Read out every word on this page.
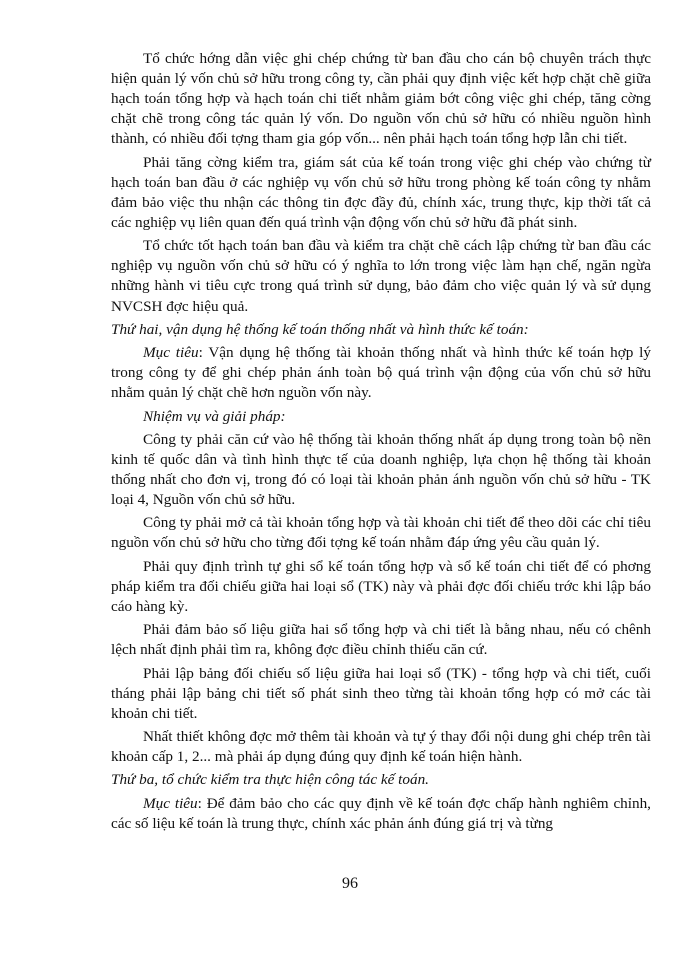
Tổ chức hớng dẫn việc ghi chép chứng từ ban đầu cho cán bộ chuyên trách thực hiện quản lý vốn chủ sở hữu trong công ty, cần phải quy định việc kết hợp chặt chẽ giữa hạch toán tổng hợp và hạch toán chi tiết nhằm giảm bớt công việc ghi chép, tăng cờng chặt chẽ trong công tác quản lý vốn. Do nguồn vốn chủ sở hữu có nhiều nguồn hình thành, có nhiều đối tợng tham gia góp vốn... nên phải hạch toán tổng hợp lẫn chi tiết.

Phải tăng cờng kiểm tra, giám sát của kế toán trong việc ghi chép vào chứng từ hạch toán ban đầu ở các nghiệp vụ vốn chủ sở hữu trong phòng kế toán công ty nhằm đảm bảo việc thu nhận các thông tin đợc đầy đủ, chính xác, trung thực, kịp thời tất cả các nghiệp vụ liên quan đến quá trình vận động vốn chủ sở hữu đã phát sinh.

Tổ chức tốt hạch toán ban đầu và kiểm tra chặt chẽ cách lập chứng từ ban đầu các nghiệp vụ nguồn vốn chủ sở hữu có ý nghĩa to lớn trong việc làm hạn chế, ngăn ngừa những hành vi tiêu cực trong quá trình sử dụng, bảo đảm cho việc quản lý và sử dụng NVCSH đợc hiệu quả.

Thứ hai, vận dụng hệ thống kế toán thống nhất và hình thức kế toán:

Mục tiêu: Vận dụng hệ thống tài khoản thống nhất và hình thức kế toán hợp lý trong công ty để ghi chép phản ánh toàn bộ quá trình vận động của vốn chủ sở hữu nhằm quản lý chặt chẽ hơn nguồn vốn này.

Nhiệm vụ và giải pháp:

Công ty phải căn cứ vào hệ thống tài khoản thống nhất áp dụng trong toàn bộ nền kinh tế quốc dân và tình hình thực tế của doanh nghiệp, lựa chọn hệ thống tài khoản thống nhất cho đơn vị, trong đó có loại tài khoản phản ánh nguồn vốn chủ sở hữu - TK loại 4, Nguồn vốn chủ sở hữu.

Công ty phải mở cả tài khoản tổng hợp và tài khoản chi tiết để theo dõi các chỉ tiêu nguồn vốn chủ sở hữu cho từng đối tợng kế toán nhằm đáp ứng yêu cầu quản lý.

Phải quy định trình tự ghi sổ kế toán tổng hợp và sổ kế toán chi tiết để có phơng pháp kiểm tra đối chiếu giữa hai loại sổ (TK) này và phải đợc đối chiếu trớc khi lập báo cáo hàng kỳ.

Phải đảm bảo số liệu giữa hai sổ tổng hợp và chi tiết là bằng nhau, nếu có chênh lệch nhất định phải tìm ra, không đợc điều chỉnh thiếu căn cứ.

Phải lập bảng đối chiếu số liệu giữa hai loại sổ (TK) - tổng hợp và chi tiết, cuối tháng phải lập bảng chi tiết số phát sinh theo từng tài khoản tổng hợp có mở các tài khoản chi tiết.

Nhất thiết không đợc mở thêm tài khoản và tự ý thay đổi nội dung ghi chép trên tài khoản cấp 1, 2... mà phải áp dụng đúng quy định kế toán hiện hành.

Thứ ba, tổ chức kiểm tra thực hiện công tác kế toán.

Mục tiêu: Để đảm bảo cho các quy định về kế toán đợc chấp hành nghiêm chỉnh, các số liệu kế toán là trung thực, chính xác phản ánh đúng giá trị và từng

96
